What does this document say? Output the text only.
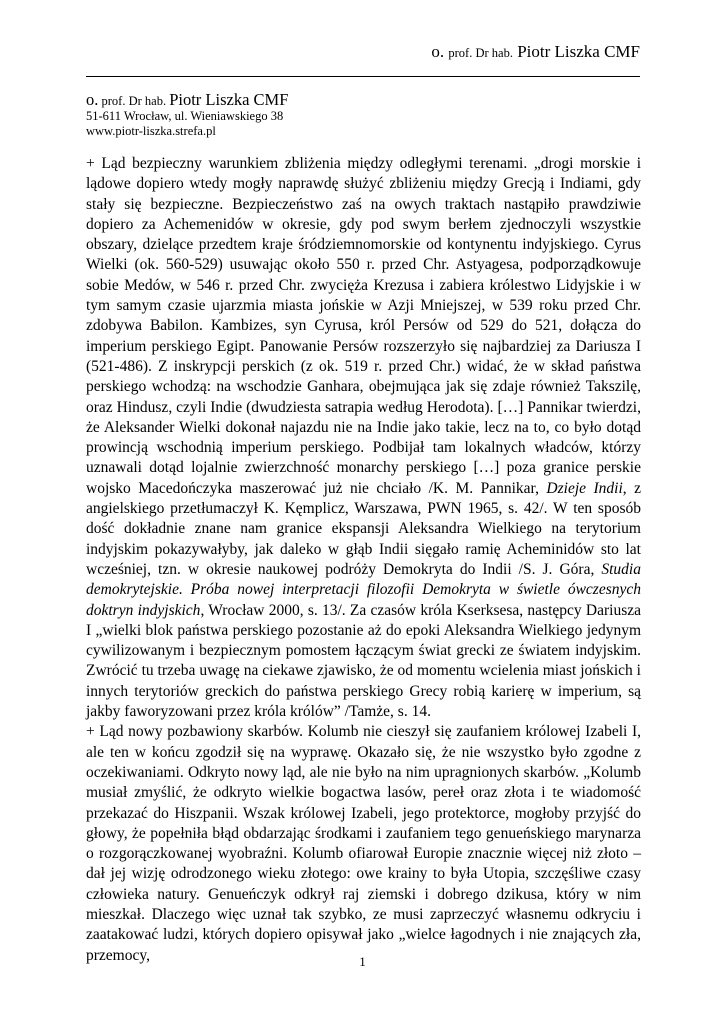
o. prof. Dr hab. Piotr Liszka CMF
o. prof. Dr hab. Piotr Liszka CMF
51-611 Wrocław, ul. Wieniawskiego 38
www.piotr-liszka.strefa.pl

+ Ląd bezpieczny warunkiem zbliżenia między odległymi terenami. „drogi morskie i lądowe dopiero wtedy mogły naprawdę służyć zbliżeniu między Grecją i Indiami, gdy stały się bezpieczne. Bezpieczeństwo zaś na owych traktach nastąpiło prawdziwie dopiero za Achemenidów w okresie, gdy pod swym berłem zjednoczyli wszystkie obszary, dzielące przedtem kraje śródziemnomorskie od kontynentu indyjskiego. Cyrus Wielki (ok. 560-529) usuwając około 550 r. przed Chr. Astyagesa, podporządkowuje sobie Medów, w 546 r. przed Chr. zwycięża Krezusa i zabiera królestwo Lidyjskie i w tym samym czasie ujarzmia miasta jońskie w Azji Mniejszej, w 539 roku przed Chr. zdobywa Babilon. Kambizes, syn Cyrusa, król Persów od 529 do 521, dołącza do imperium perskiego Egipt. Panowanie Persów rozszerzyło się najbardziej za Dariusza I (521-486). Z inskrypcji perskich (z ok. 519 r. przed Chr.) widać, że w skład państwa perskiego wchodzą: na wschodzie Ganhara, obejmująca jak się zdaje również Takszilę, oraz Hindusz, czyli Indie (dwudziesta satrapia według Herodota). […] Pannikar twierdzi, że Aleksander Wielki dokonał najazdu nie na Indie jako takie, lecz na to, co było dotąd prowincją wschodnią imperium perskiego. Podbijał tam lokalnych władców, którzy uznawali dotąd lojalnie zwierzchność monarchy perskiego […] poza granice perskie wojsko Macedończyka maszerować już nie chciało /K. M. Pannikar, Dzieje Indii, z angielskiego przetłumaczył K. Kęmplicz, Warszawa, PWN 1965, s. 42/. W ten sposób dość dokładnie znane nam granice ekspansji Aleksandra Wielkiego na terytorium indyjskim pokazywałyby, jak daleko w głąb Indii sięgało ramię Acheminidów sto lat wcześniej, tzn. w okresie naukowej podróży Demokryta do Indii /S. J. Góra, Studia demokrytejskie. Próba nowej interpretacji filozofii Demokryta w świetle ówczesnych doktryn indyjskich, Wrocław 2000, s. 13/. Za czasów króla Kserksesa, następcy Dariusza I „wielki blok państwa perskiego pozostanie aż do epoki Aleksandra Wielkiego jedynym cywilizowanym i bezpiecznym pomostem łączącym świat grecki ze światem indyjskim. Zwrócić tu trzeba uwagę na ciekawe zjawisko, że od momentu wcielenia miast jońskich i innych terytoriów greckich do państwa perskiego Grecy robią karierę w imperium, są jakby faworyzowani przez króla królów” /Tamże, s. 14.

+ Ląd nowy pozbawiony skarbów. Kolumb nie cieszył się zaufaniem królowej Izabeli I, ale ten w końcu zgodził się na wyprawę. Okazało się, że nie wszystko było zgodne z oczekiwaniami. Odkryto nowy ląd, ale nie było na nim upragnionych skarbów. „Kolumb musiał zmyślić, że odkryto wielkie bogactwa lasów, pereł oraz złota i te wiadomość przekazać do Hiszpanii. Wszak królowej Izabeli, jego protektorce, mogłoby przyjść do głowy, że popełniła błąd obdarzając środkami i zaufaniem tego genueńskiego marynarza o rozgorączkowanej wyobraźni. Kolumb ofiarował Europie znacznie więcej niż złoto – dał jej wizję odrodzonego wieku złotego: owe krainy to była Utopia, szczęśliwe czasy człowieka natury. Genueńczyk odkrył raj ziemski i dobrego dzikusa, który w nim mieszkał. Dlaczego więc uznał tak szybko, ze musi zaprzeczyć własnemu odkryciu i zaatakować ludzi, których dopiero opisywał jako „wielce łagodnych i nie znających zła, przemocy,	1
